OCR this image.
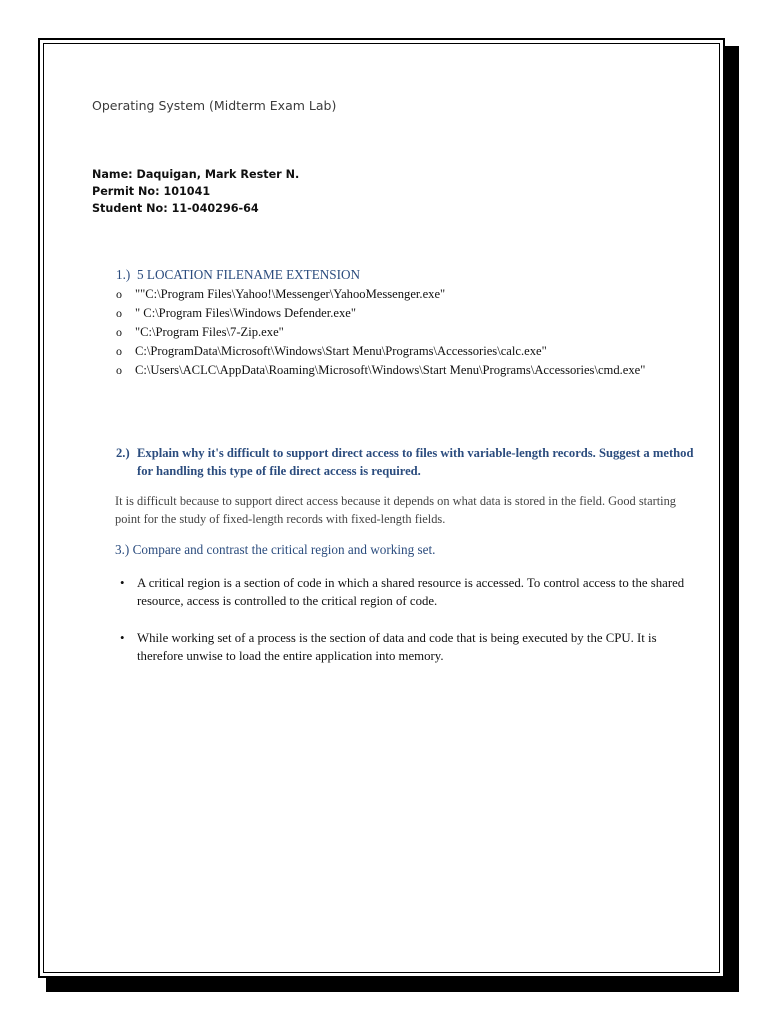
Operating System (Midterm Exam Lab)
Name: Daquigan, Mark Rester N.
Permit No: 101041
Student No: 11-040296-64
1.) 5 LOCATION FILENAME EXTENSION
o ""C:\Program Files\Yahoo!\Messenger\YahooMessenger.exe"
o " C:\Program Files\Windows Defender.exe"
o "C:\Program Files\7-Zip.exe"
o C:\ProgramData\Microsoft\Windows\Start Menu\Programs\Accessories\calc.exe"
o C:\Users\ACLC\AppData\Roaming\Microsoft\Windows\Start Menu\Programs\Accessories\cmd.exe"
2.) Explain why it's difficult to support direct access to files with variable-length records. Suggest a method for handling this type of file direct access is required.
It is difficult because to support direct access because it depends on what data is stored in the field. Good starting point for the study of fixed-length records with fixed-length fields.
3.) Compare and contrast the critical region and working set.
• A critical region is a section of code in which a shared resource is accessed. To control access to the shared resource, access is controlled to the critical region of code.
• While working set of a process is the section of data and code that is being executed by the CPU. It is therefore unwise to load the entire application into memory.
